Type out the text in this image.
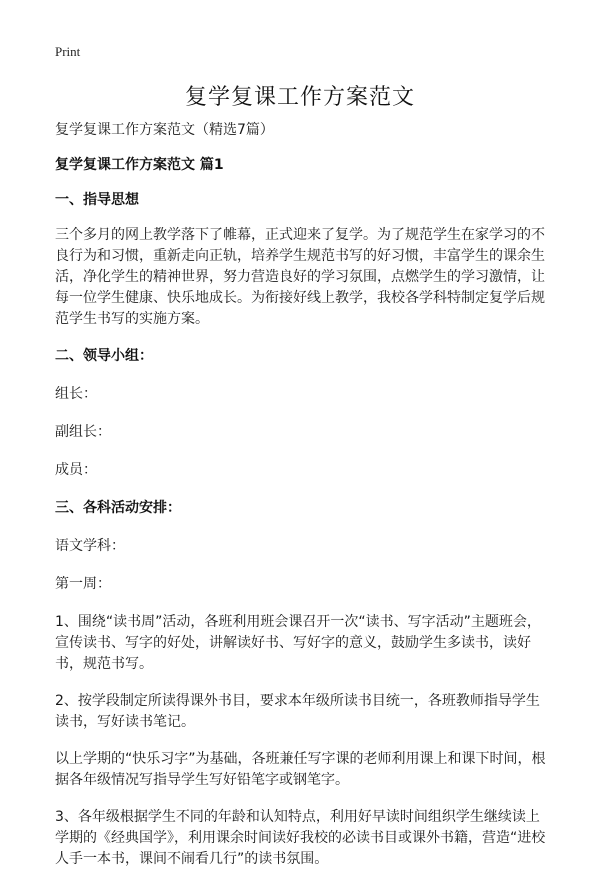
Print
复学复课工作方案范文

复学复课工作方案范文（精选7篇）

复学复课工作方案范文 篇1

一、指导思想

三个多月的网上教学落下了帷幕，正式迎来了复学。为了规范学生在家学习的不良行为和习惯，重新走向正轨，培养学生规范书写的好习惯，丰富学生的课余生活，净化学生的精神世界，努力营造良好的学习氛围，点燃学生的学习激情，让每一位学生健康、快乐地成长。为衔接好线上教学，我校各学科特制定复学后规范学生书写的实施方案。

二、领导小组：

组长：

副组长：

成员：

三、各科活动安排：

语文学科：

第一周：

1、围绕“读书周”活动，各班利用班会课召开一次“读书、写字活动”主题班会，宣传读书、写字的好处，讲解读好书、写好字的意义，鼓励学生多读书，读好书，规范书写。

2、按学段制定所读得课外书目，要求本年级所读书目统一，各班教师指导学生读书，写好读书笔记。

以上学期的“快乐习字”为基础，各班兼任写字课的老师利用课上和课下时间，根据各年级情况写指导学生写好铅笔字或钢笔字。

3、各年级根据学生不同的年龄和认知特点，利用好早读时间组织学生继续读上学期的《经典国学》，利用课余时间读好我校的必读书目或课外书籍，营造“进校人手一本书，课间不闹看几行”的读书氛围。
